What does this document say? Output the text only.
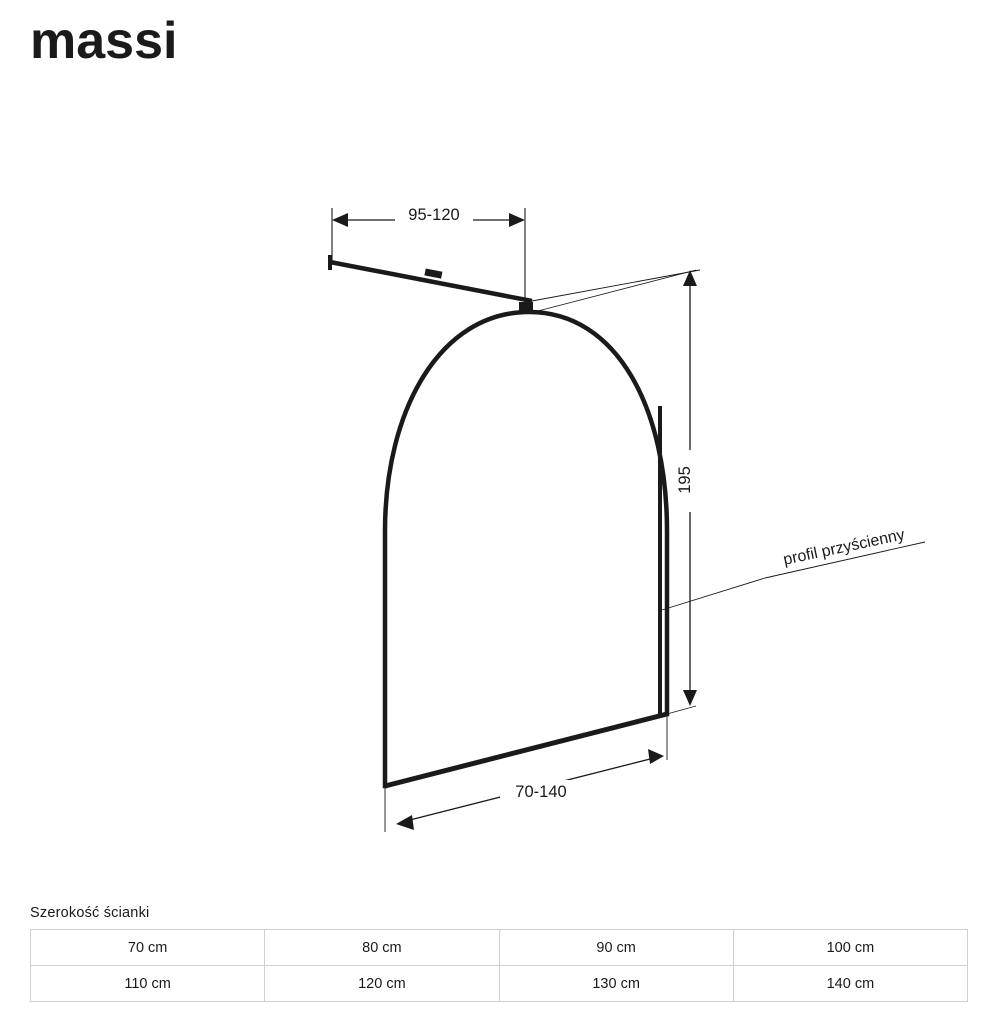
massi
95-120
195
profil przyścienny
70-140
Szerokość ścianki
70 cm	80 cm	90 cm	100 cm
110 cm	120 cm	130 cm	140 cm
